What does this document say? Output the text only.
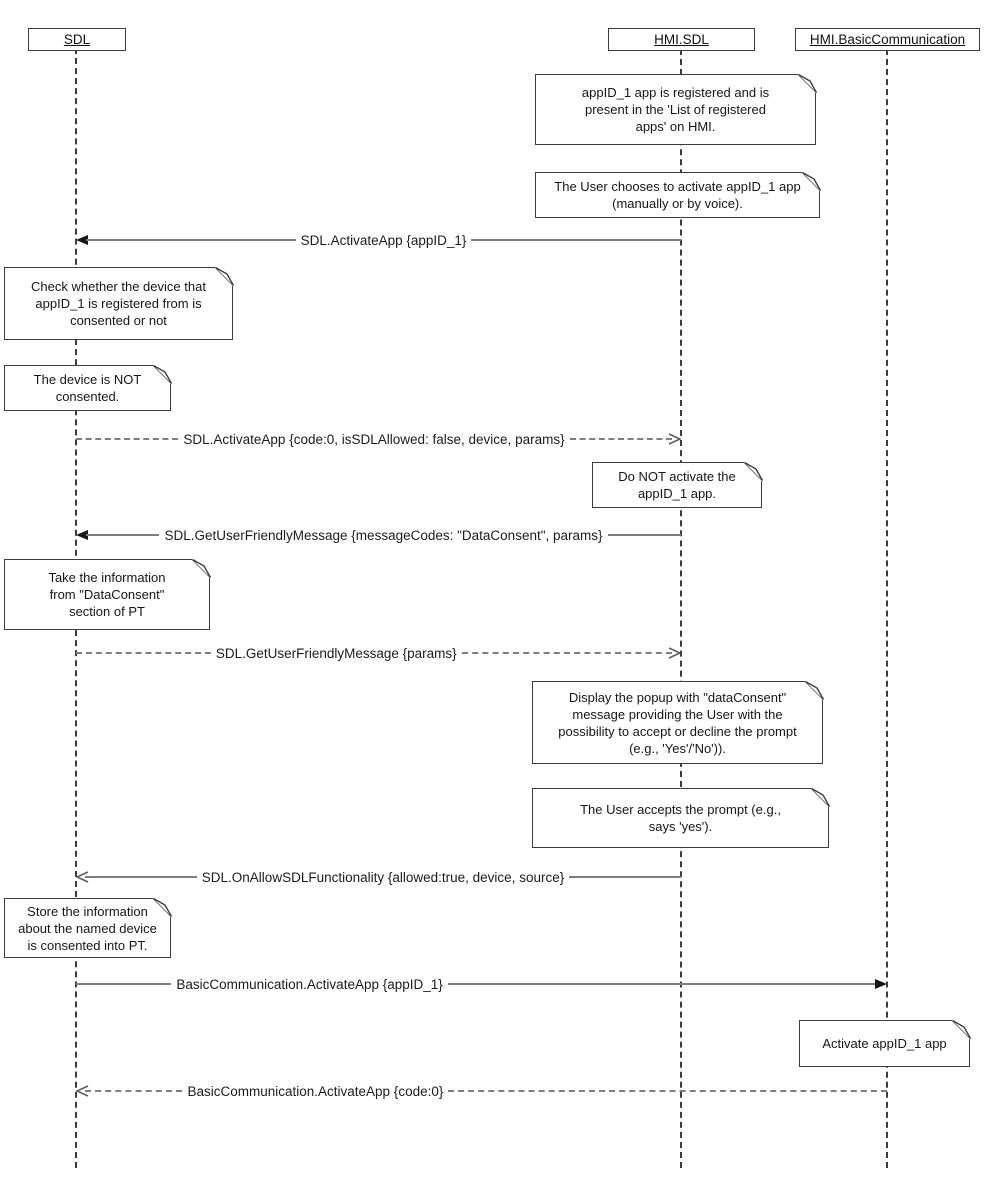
SDL	HMI.SDL	HMI.BasicCommunication
SDL.ActivateApp {appID_1}
SDL.ActivateApp {code:0, isSDLAllowed: false, device, params}
SDL.GetUserFriendlyMessage {messageCodes: "DataConsent", params}
SDL.GetUserFriendlyMessage {params}
SDL.OnAllowSDLFunctionality {allowed:true, device, source}
BasicCommunication.ActivateApp {appID_1}
BasicCommunication.ActivateApp {code:0}
appID_1 app is registered and is present in the 'List of registered apps' on HMI.
The User chooses to activate appID_1 app (manually or by voice).
Check whether the device that appID_1 is registered from is consented or not
The device is NOT consented.
Do NOT activate the appID_1 app.
Take the information from "DataConsent" section of PT
Display the popup with "dataConsent" message providing the User with the possibility to accept or decline the prompt (e.g., 'Yes'/'No')).
The User accepts the prompt (e.g., says 'yes').
Store the information about the named device is consented into PT.
Activate appID_1 app
